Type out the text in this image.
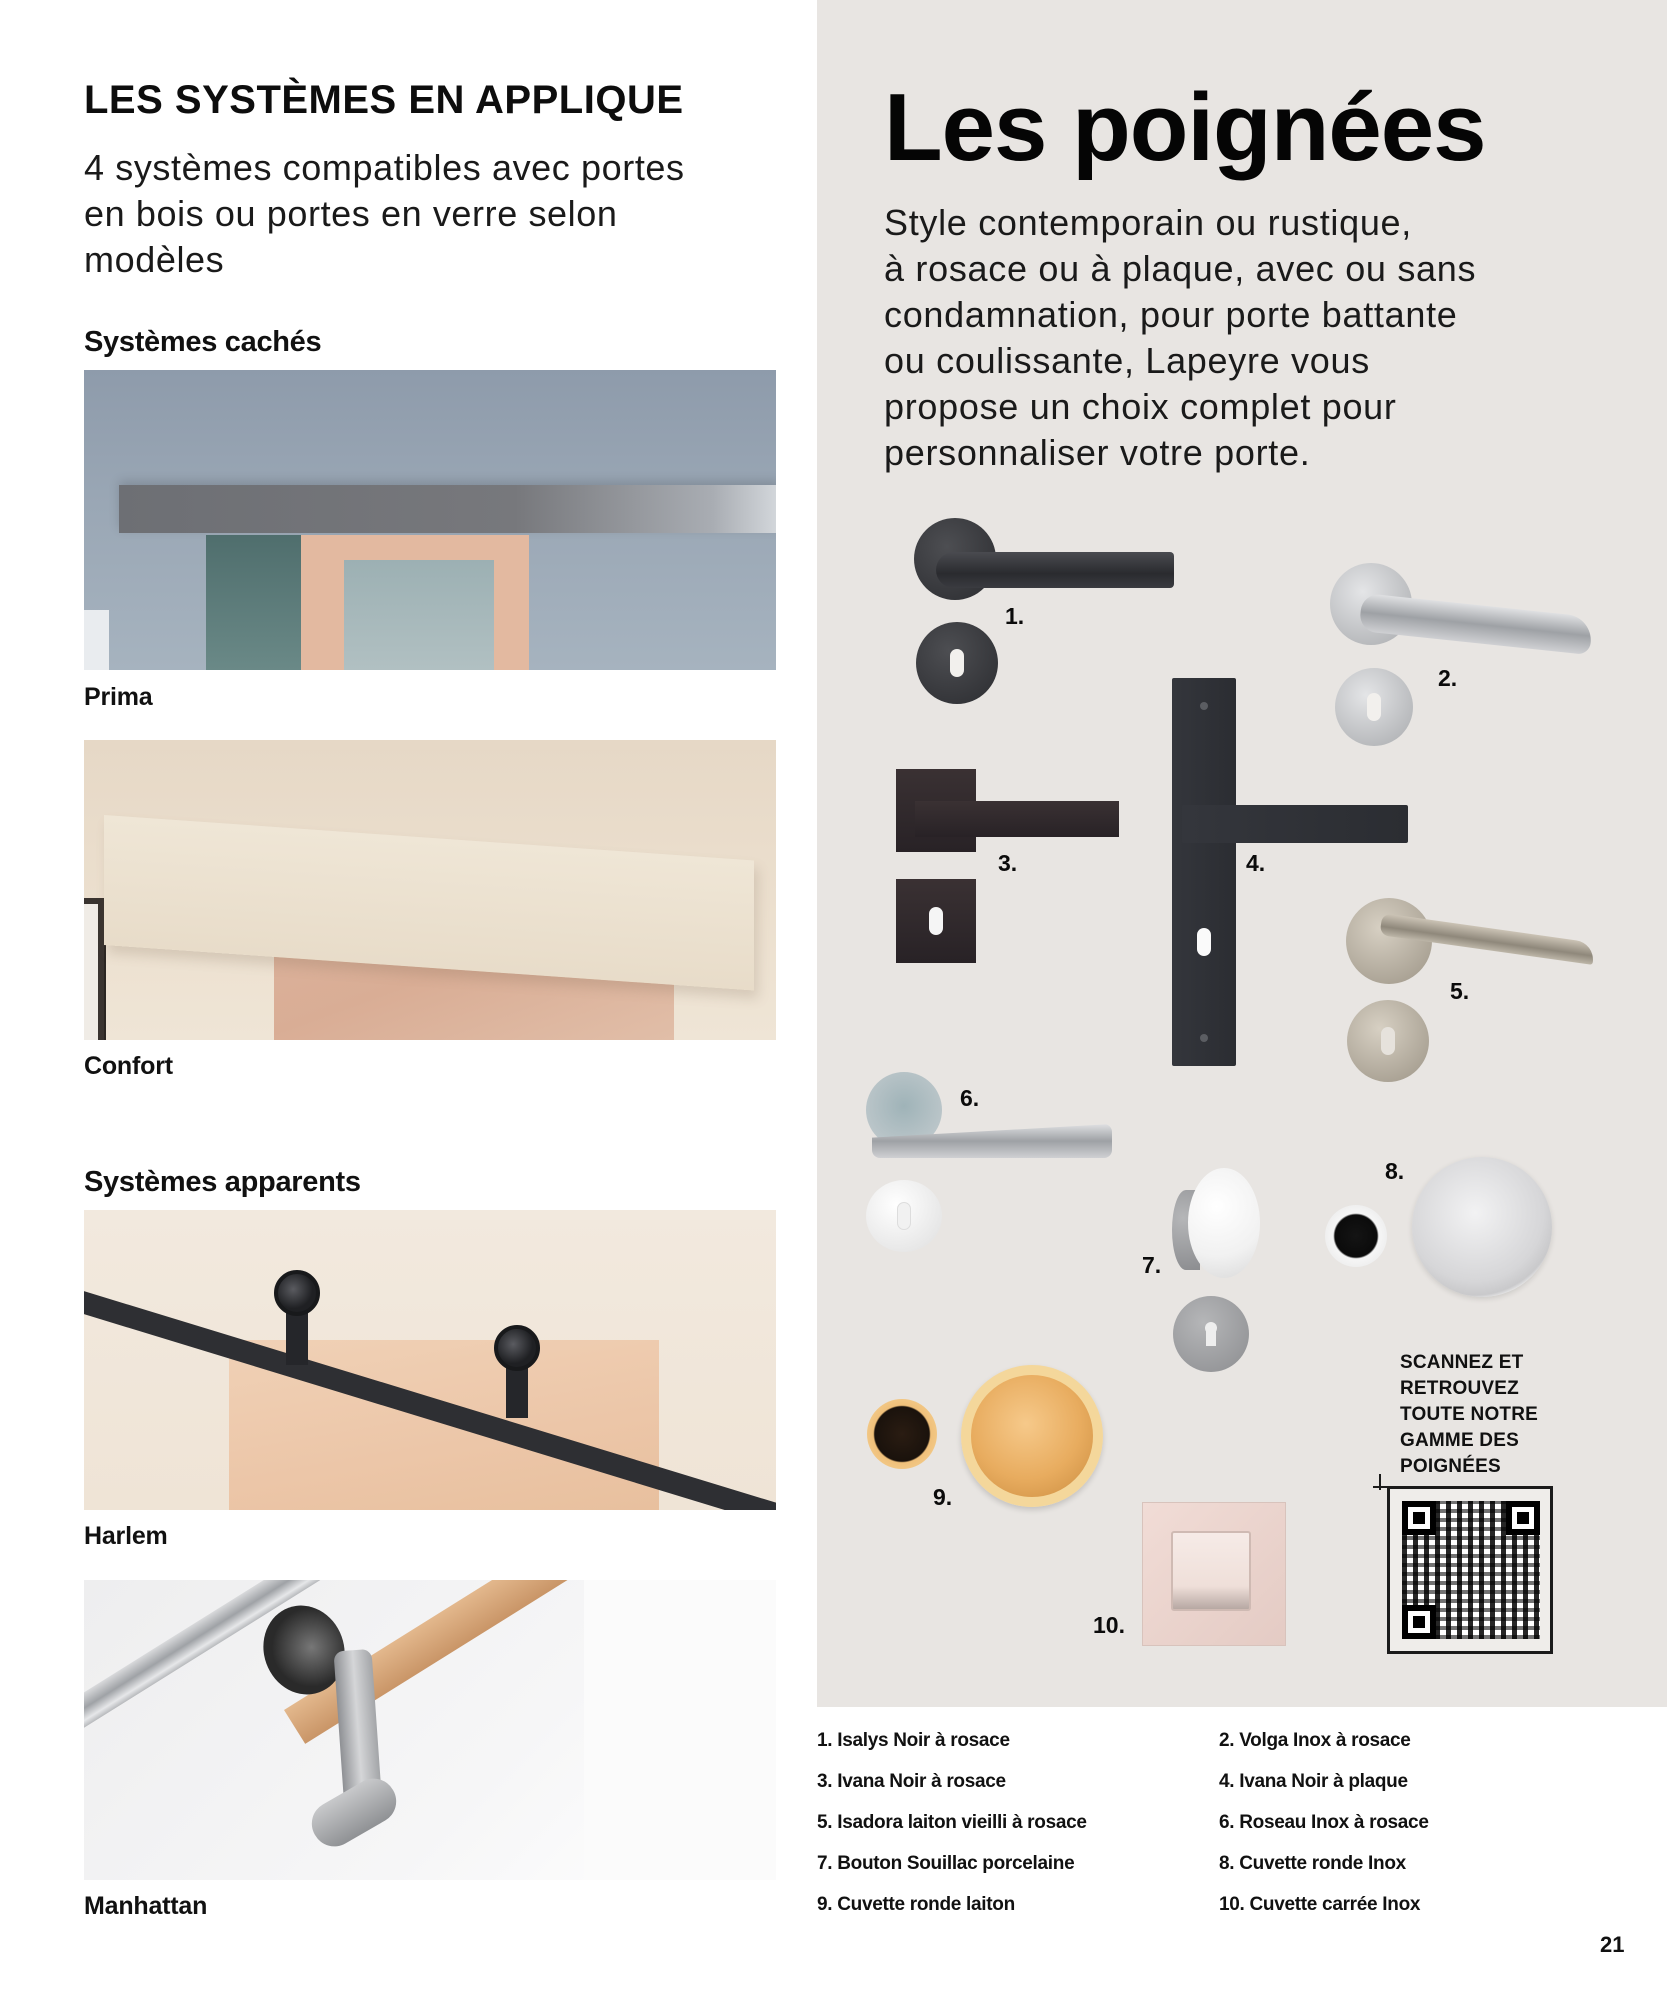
LES SYSTÈMES EN APPLIQUE
4 systèmes compatibles avec portes
en bois ou portes en verre selon
modèles
Systèmes cachés
Prima
Confort
Systèmes apparents
Harlem
Manhattan
Les poignées
Style contemporain ou rustique,
à rosace ou à plaque, avec ou sans
condamnation, pour porte battante
ou coulissante, Lapeyre vous
propose un choix complet pour
personnaliser votre porte.
1.
2.
3.	4.
5.
6.
7.
8.
9.
10.
SCANNEZ ET
RETROUVEZ
TOUTE NOTRE
GAMME DES
POIGNÉES
1. Isalys Noir à rosace	2. Volga Inox à rosace
3. Ivana Noir à rosace	4. Ivana Noir à plaque
5. Isadora laiton vieilli à rosace	6. Roseau Inox à rosace
7. Bouton Souillac porcelaine	8. Cuvette ronde Inox
9. Cuvette ronde laiton	10. Cuvette carrée Inox
21
